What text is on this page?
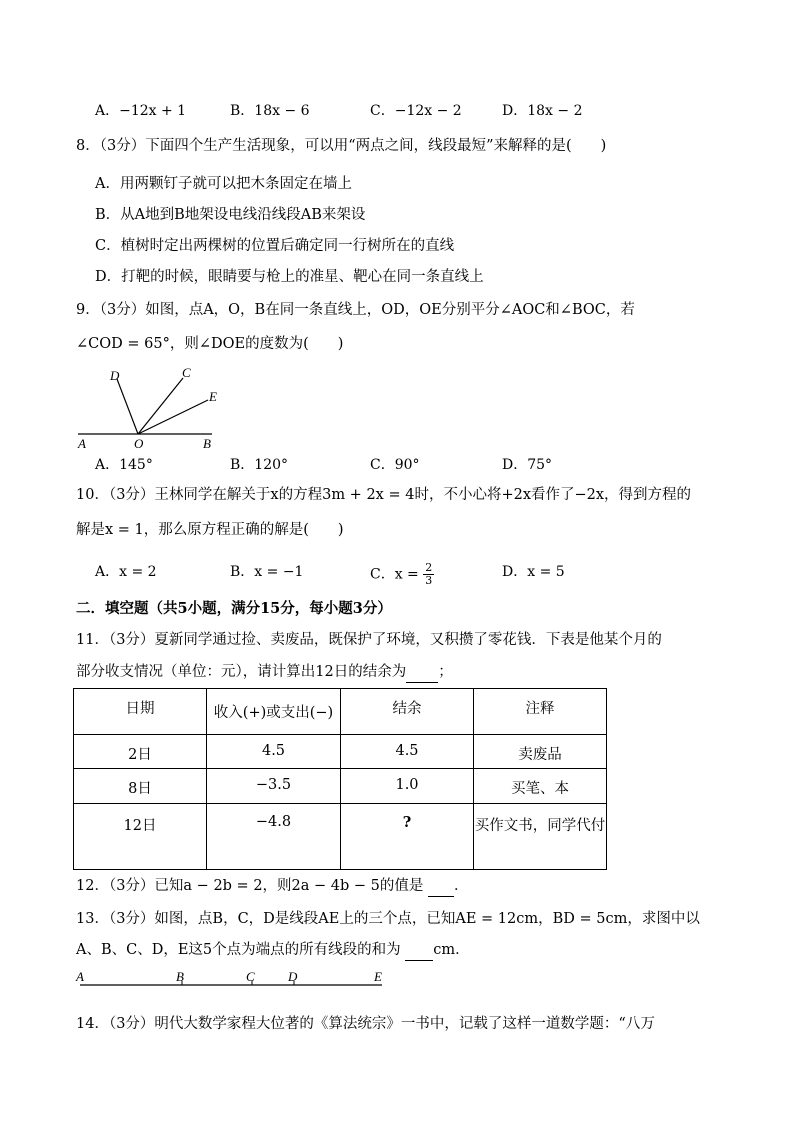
A．−12x + 1	B．18x − 6	C．−12x − 2	D．18x − 2
8．（3分）下面四个生产生活现象，可以用“两点之间，线段最短”来解释的是(  )
A．用两颗钉子就可以把木条固定在墙上
B．从A地到B地架设电线沿线段AB来架设
C．植树时定出两棵树的位置后确定同一行树所在的直线
D．打靶的时候，眼睛要与枪上的准星、靶心在同一条直线上
9．（3分）如图，点A，O，B在同一条直线上，OD，OE分别平分∠AOC和∠BOC，若
∠COD = 65°，则∠DOE的度数为(  )
D	C
E
A	O	B
A．145°	B．120°	C．90°	D．75°
10．（3分）王林同学在解关于x的方程3m + 2x = 4时，不小心将+2x看作了−2x，得到方程的
解是x = 1，那么原方程正确的解是(  )
A．x = 2	B．x = −1	C．$x = \frac{2}{3}$	D．x = 5
二．填空题（共5小题，满分15分，每小题3分）
11．（3分）夏新同学通过捡、卖废品，既保护了环境，又积攒了零花钱．下表是他某个月的
部分收支情况（单位：元），请计算出12日的结余为 ；
日期	收入(+)或支出(−)	结余	注释
2日	4.5	4.5	卖废品
8日	−3.5	1.0	买笔、本
12日	−4.8	?	买作文书，同学代付
12．（3分）已知a − 2b = 2，则2a − 4b − 5的值是 ．
13．（3分）如图，点B，C，D是线段AE上的三个点，已知AE = 12cm，BD = 5cm，求图中以
A、B、C、D，E这5个点为端点的所有线段的和为 cm．
A	B	C	D	E
14．（3分）明代大数学家程大位著的《算法统宗》一书中，记载了这样一道数学题：“八万
